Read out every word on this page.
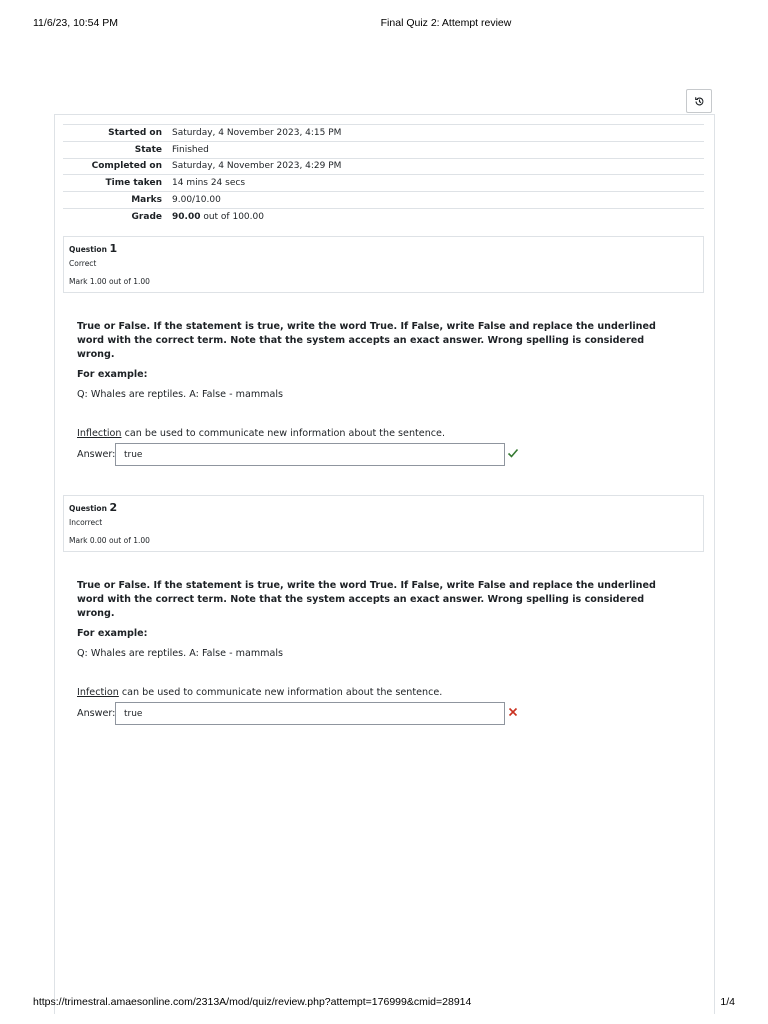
11/6/23, 10:54 PM	Final Quiz 2: Attempt review
Started on	Saturday, 4 November 2023, 4:15 PM
State	Finished
Completed on	Saturday, 4 November 2023, 4:29 PM
Time taken	14 mins 24 secs
Marks	9.00/10.00
Grade	90.00 out of 100.00
Question 1
Correct
Mark 1.00 out of 1.00
True or False. If the statement is true, write the word True. If False, write False and replace the underlined word with the correct term. Note that the system accepts an exact answer. Wrong spelling is considered wrong.
For example:
Q: Whales are reptiles. A: False - mammals
Inflection can be used to communicate new information about the sentence.
Answer: true
Question 2
Incorrect
Mark 0.00 out of 1.00
True or False. If the statement is true, write the word True. If False, write False and replace the underlined word with the correct term. Note that the system accepts an exact answer. Wrong spelling is considered wrong.
For example:
Q: Whales are reptiles. A: False - mammals
Infection can be used to communicate new information about the sentence.
Answer: true
https://trimestral.amaesonline.com/2313A/mod/quiz/review.php?attempt=176999&cmid=28914	1/4
